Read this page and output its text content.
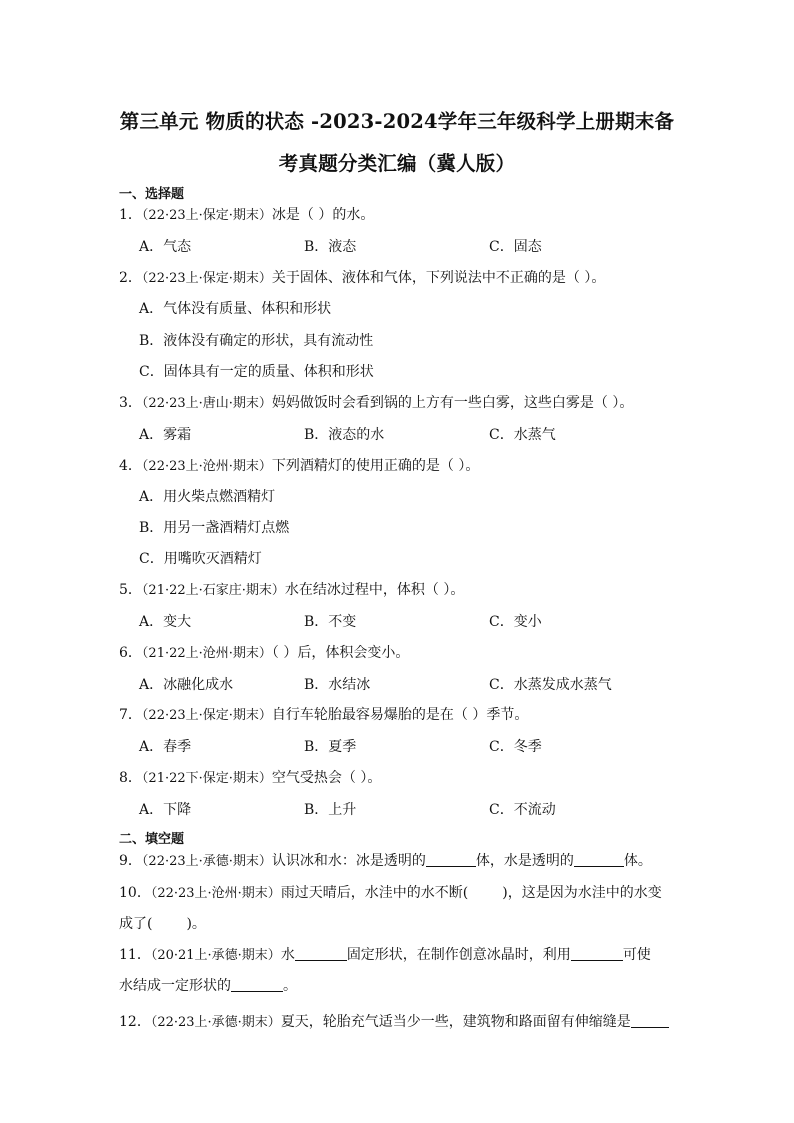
第三单元 物质的状态 -2023-2024学年三年级科学上册期末备
考真题分类汇编（冀人版）
一、选择题
1．（22·23上·保定·期末）冰是（ ）的水。
A．气态	B．液态	C．固态
2．（22·23上·保定·期末）关于固体、液体和气体，下列说法中不正确的是（ ）。
A．气体没有质量、体积和形状
B．液体没有确定的形状，具有流动性
C．固体具有一定的质量、体积和形状
3．（22·23上·唐山·期末）妈妈做饭时会看到锅的上方有一些白雾，这些白雾是（ ）。
A．雾霜	B．液态的水	C．水蒸气
4．（22·23上·沧州·期末）下列酒精灯的使用正确的是（ ）。
A．用火柴点燃酒精灯
B．用另一盏酒精灯点燃
C．用嘴吹灭酒精灯
5．（21·22上·石家庄·期末）水在结冰过程中，体积（ ）。
A．变大	B．不变	C．变小
6．（21·22上·沧州·期末）（ ）后，体积会变小。
A．冰融化成水	B．水结冰	C．水蒸发成水蒸气
7．（22·23上·保定·期末）自行车轮胎最容易爆胎的是在（ ）季节。
A．春季	B．夏季	C．冬季
8．（21·22下·保定·期末）空气受热会（ ）。
A．下降	B．上升	C．不流动
二、填空题
9．（22·23上·承德·期末）认识冰和水：冰是透明的	体，水是透明的	体。
10．（22·23上·沧州·期末）雨过天晴后，水洼中的水不断( )，这是因为水洼中的水变
成了( )。
11．（20·21上·承德·期末）水	固定形状，在制作创意冰晶时，利用	可使
水结成一定形状的	。
12．（22·23上·承德·期末）夏天，轮胎充气适当少一些，建筑物和路面留有伸缩缝是
